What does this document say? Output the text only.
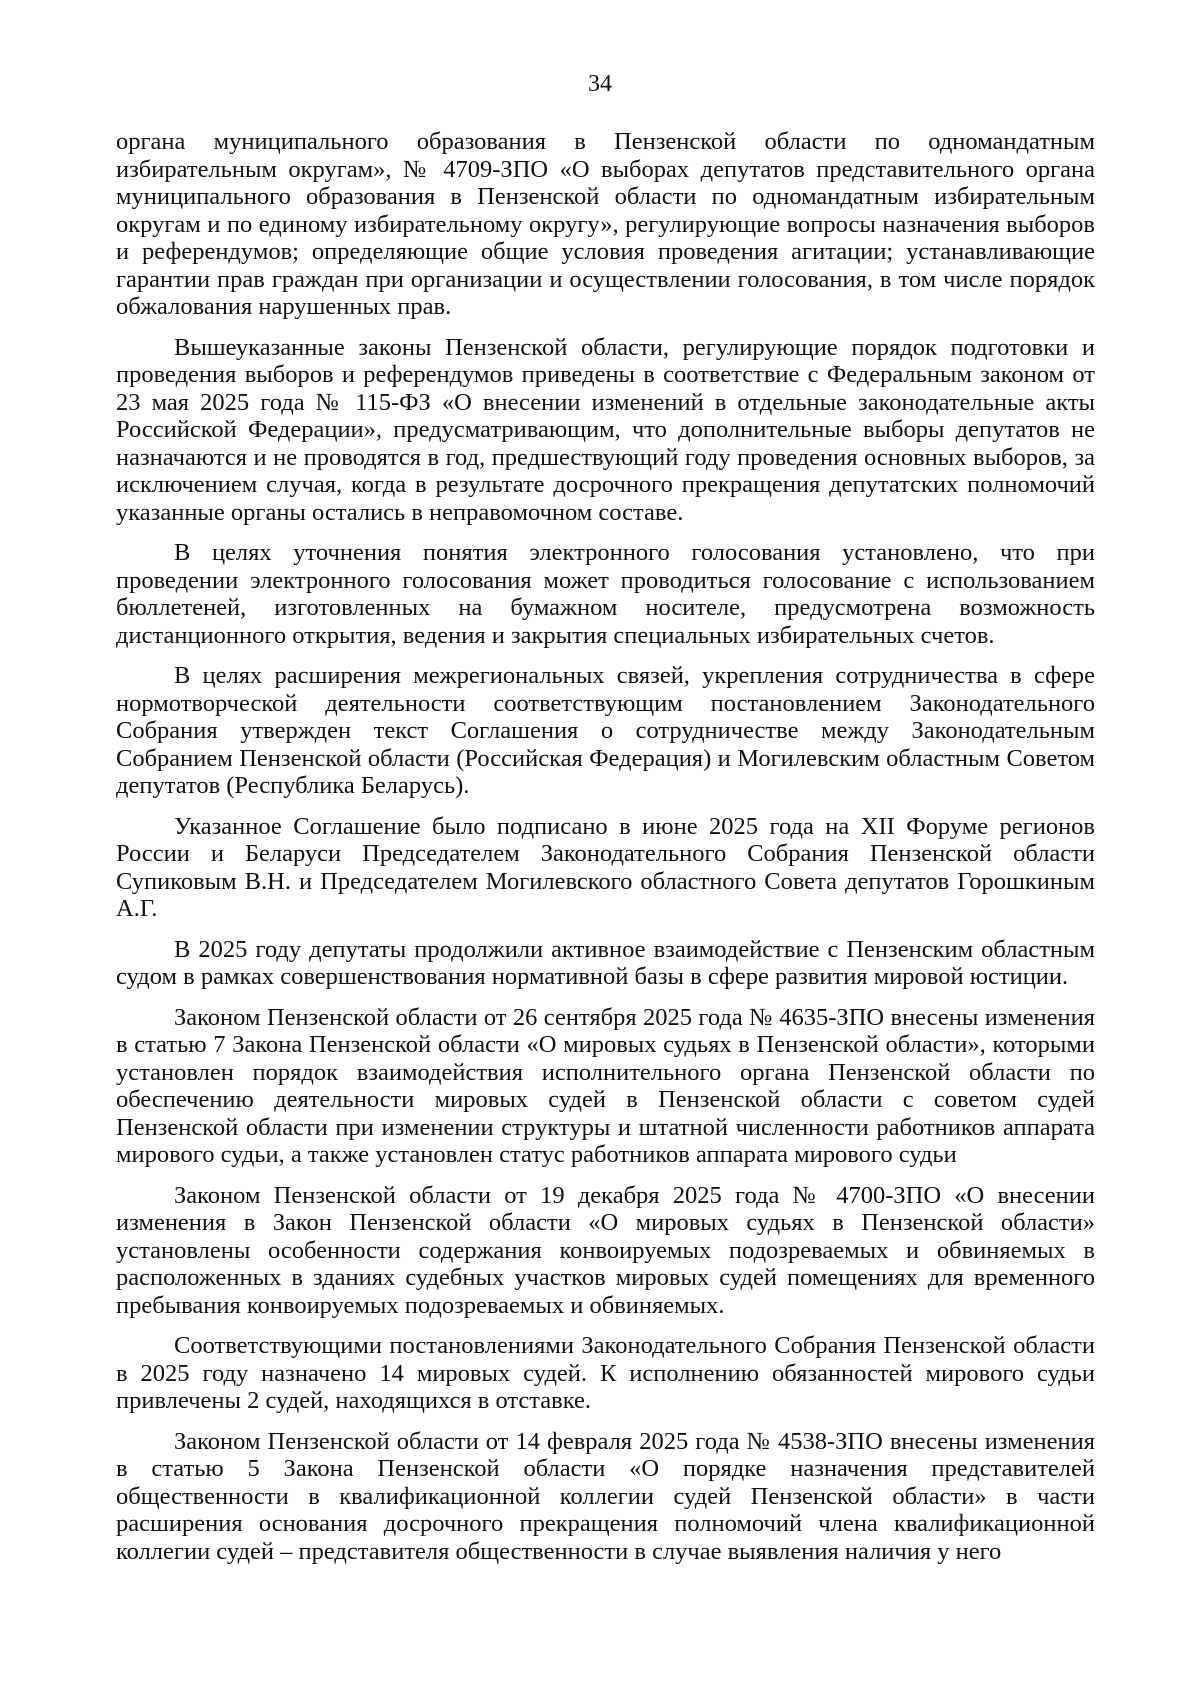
34

органа муниципального образования в Пензенской области по одномандатным избирательным округам», № 4709-ЗПО «О выборах депутатов представительного органа муниципального образования в Пензенской области по одномандатным избирательным округам и по единому избирательному округу», регулирующие вопросы назначения выборов и референдумов; определяющие общие условия проведения агитации; устанавливающие гарантии прав граждан при организации и осуществлении голосования, в том числе порядок обжалования нарушенных прав.

Вышеуказанные законы Пензенской области, регулирующие порядок подготовки и проведения выборов и референдумов приведены в соответствие с Федеральным законом от 23 мая 2025 года № 115-ФЗ «О внесении изменений в отдельные законодательные акты Российской Федерации», предусматривающим, что дополнительные выборы депутатов не назначаются и не проводятся в год, предшествующий году проведения основных выборов, за исключением случая, когда в результате досрочного прекращения депутатских полномочий указанные органы остались в неправомочном составе.

В целях уточнения понятия электронного голосования установлено, что при проведении электронного голосования может проводиться голосование с использованием бюллетеней, изготовленных на бумажном носителе, предусмотрена возможность дистанционного открытия, ведения и закрытия специальных избирательных счетов.

В целях расширения межрегиональных связей, укрепления сотрудничества в сфере нормотворческой деятельности соответствующим постановлением Законодательного Собрания утвержден текст Соглашения о сотрудничестве между Законодательным Собранием Пензенской области (Российская Федерация) и Могилевским областным Советом депутатов (Республика Беларусь).

Указанное Соглашение было подписано в июне 2025 года на XII Форуме регионов России и Беларуси Председателем Законодательного Собрания Пензенской области Супиковым В.Н. и Председателем Могилевского областного Совета депутатов Горошкиным А.Г.

В 2025 году депутаты продолжили активное взаимодействие с Пензенским областным судом в рамках совершенствования нормативной базы в сфере развития мировой юстиции.

Законом Пензенской области от 26 сентября 2025 года № 4635-ЗПО внесены изменения в статью 7 Закона Пензенской области «О мировых судьях в Пензенской области», которыми установлен порядок взаимодействия исполнительного органа Пензенской области по обеспечению деятельности мировых судей в Пензенской области с советом судей Пензенской области при изменении структуры и штатной численности работников аппарата мирового судьи, а также установлен статус работников аппарата мирового судьи

Законом Пензенской области от 19 декабря 2025 года № 4700-ЗПО «О внесении изменения в Закон Пензенской области «О мировых судьях в Пензенской области» установлены особенности содержания конвоируемых подозреваемых и обвиняемых в расположенных в зданиях судебных участков мировых судей помещениях для временного пребывания конвоируемых подозреваемых и обвиняемых.

Соответствующими постановлениями Законодательного Собрания Пензенской области в 2025 году назначено 14 мировых судей. К исполнению обязанностей мирового судьи привлечены 2 судей, находящихся в отставке.

Законом Пензенской области от 14 февраля 2025 года № 4538-ЗПО внесены изменения в статью 5 Закона Пензенской области «О порядке назначения представителей общественности в квалификационной коллегии судей Пензенской области» в части расширения основания досрочного прекращения полномочий члена квалификационной коллегии судей – представителя общественности в случае выявления наличия у него
